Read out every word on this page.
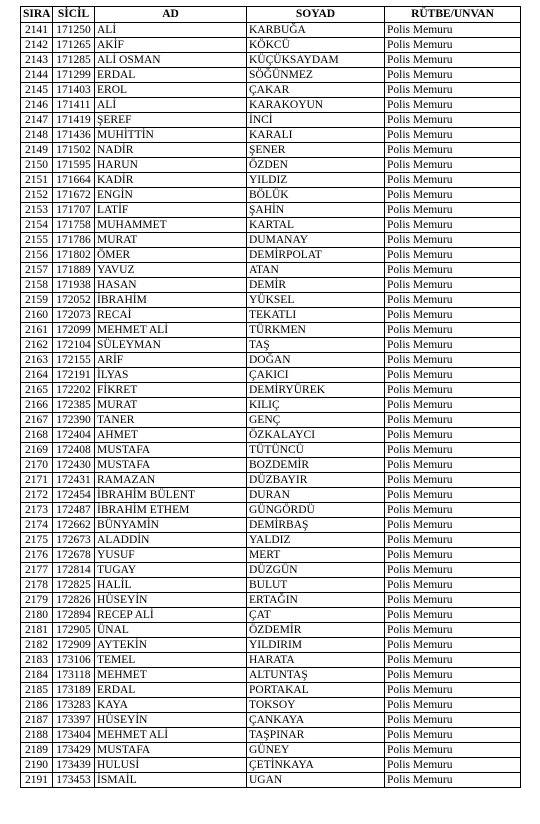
SIRA	SİCİL	AD	SOYAD	RÜTBE/UNVAN
2141	171250	ALİ	KARBUĞA	Polis Memuru
2142	171265	AKİF	KÖKCÜ	Polis Memuru
2143	171285	ALİ OSMAN	KÜÇÜKSAYDAM	Polis Memuru
2144	171299	ERDAL	SÖĞÜNMEZ	Polis Memuru
2145	171403	EROL	ÇAKAR	Polis Memuru
2146	171411	ALİ	KARAKOYUN	Polis Memuru
2147	171419	ŞEREF	İNCİ	Polis Memuru
2148	171436	MUHİTTİN	KARALI	Polis Memuru
2149	171502	NADİR	ŞENER	Polis Memuru
2150	171595	HARUN	ÖZDEN	Polis Memuru
2151	171664	KADİR	YILDIZ	Polis Memuru
2152	171672	ENGİN	BÖLÜK	Polis Memuru
2153	171707	LATİF	ŞAHİN	Polis Memuru
2154	171758	MUHAMMET	KARTAL	Polis Memuru
2155	171786	MURAT	DUMANAY	Polis Memuru
2156	171802	ÖMER	DEMİRPOLAT	Polis Memuru
2157	171889	YAVUZ	ATAN	Polis Memuru
2158	171938	HASAN	DEMİR	Polis Memuru
2159	172052	İBRAHİM	YÜKSEL	Polis Memuru
2160	172073	RECAİ	TEKATLI	Polis Memuru
2161	172099	MEHMET ALİ	TÜRKMEN	Polis Memuru
2162	172104	SÜLEYMAN	TAŞ	Polis Memuru
2163	172155	ARİF	DOĞAN	Polis Memuru
2164	172191	İLYAS	ÇAKICI	Polis Memuru
2165	172202	FİKRET	DEMİRYÜREK	Polis Memuru
2166	172385	MURAT	KILIÇ	Polis Memuru
2167	172390	TANER	GENÇ	Polis Memuru
2168	172404	AHMET	ÖZKALAYCI	Polis Memuru
2169	172408	MUSTAFA	TÜTÜNCÜ	Polis Memuru
2170	172430	MUSTAFA	BOZDEMİR	Polis Memuru
2171	172431	RAMAZAN	DÜZBAYIR	Polis Memuru
2172	172454	İBRAHİM BÜLENT	DURAN	Polis Memuru
2173	172487	İBRAHİM ETHEM	GÜNGÖRDÜ	Polis Memuru
2174	172662	BÜNYAMİN	DEMİRBAŞ	Polis Memuru
2175	172673	ALADDİN	YALDIZ	Polis Memuru
2176	172678	YUSUF	MERT	Polis Memuru
2177	172814	TUGAY	DÜZGÜN	Polis Memuru
2178	172825	HALİL	BULUT	Polis Memuru
2179	172826	HÜSEYİN	ERTAĞIN	Polis Memuru
2180	172894	RECEP ALİ	ÇAT	Polis Memuru
2181	172905	ÜNAL	ÖZDEMİR	Polis Memuru
2182	172909	AYTEKİN	YILDIRIM	Polis Memuru
2183	173106	TEMEL	HARATA	Polis Memuru
2184	173118	MEHMET	ALTUNTAŞ	Polis Memuru
2185	173189	ERDAL	PORTAKAL	Polis Memuru
2186	173283	KAYA	TOKSOY	Polis Memuru
2187	173397	HÜSEYİN	ÇANKAYA	Polis Memuru
2188	173404	MEHMET ALİ	TAŞPINAR	Polis Memuru
2189	173429	MUSTAFA	GÜNEY	Polis Memuru
2190	173439	HULUSİ	ÇETİNKAYA	Polis Memuru
2191	173453	İSMAİL	UGAN	Polis Memuru
